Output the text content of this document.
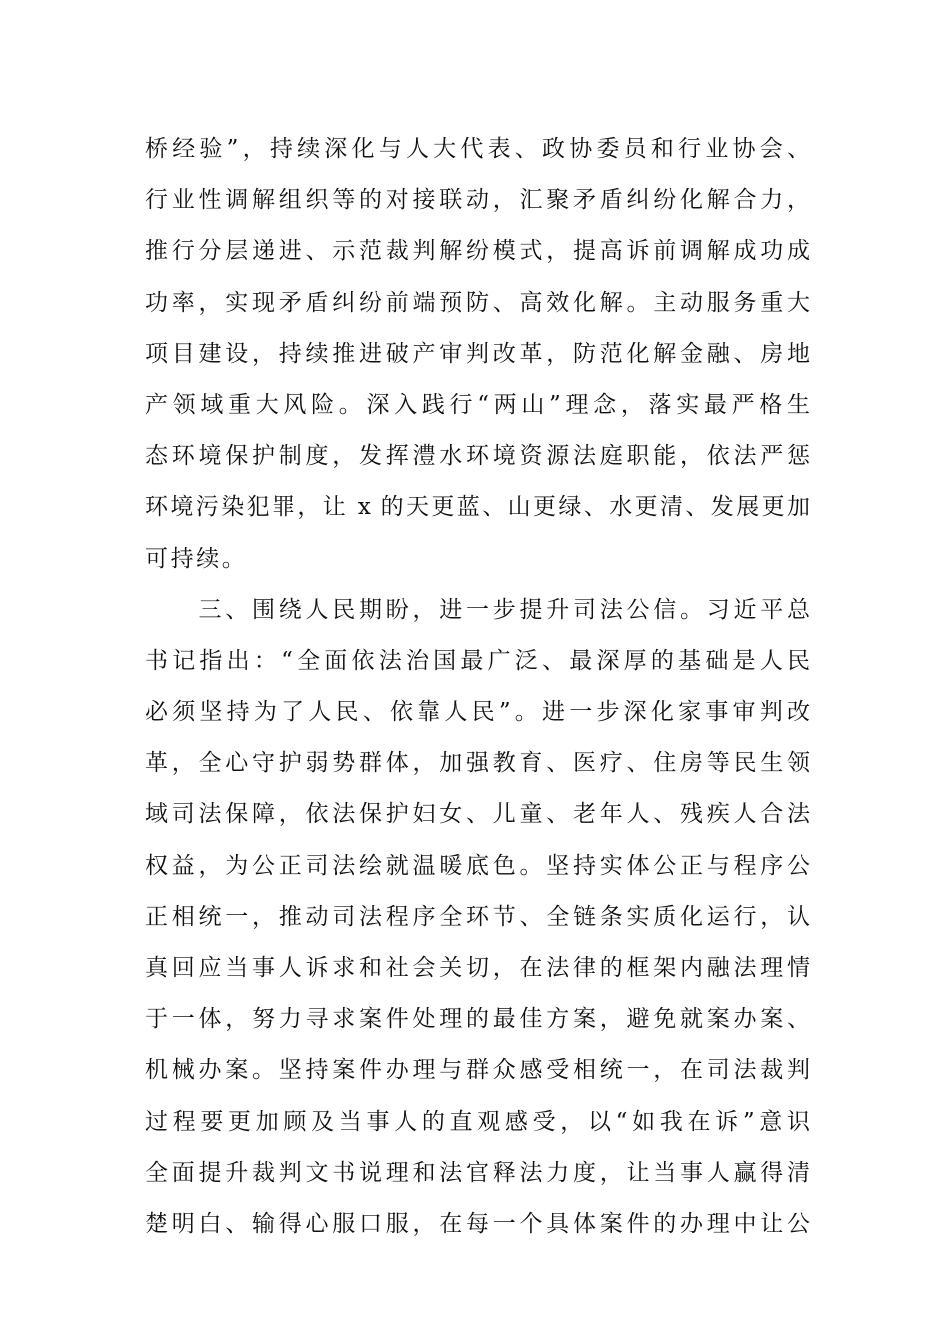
桥经验”，持续深化与人大代表、政协委员和行业协会、
行业性调解组织等的对接联动，汇聚矛盾纠纷化解合力，
推行分层递进、示范裁判解纷模式，提高诉前调解成功成
功率，实现矛盾纠纷前端预防、高效化解。主动服务重大
项目建设，持续推进破产审判改革，防范化解金融、房地
产领域重大风险。深入践行“两山”理念，落实最严格生
态环境保护制度，发挥澧水环境资源法庭职能，依法严惩
环境污染犯罪，让 x 的天更蓝、山更绿、水更清、发展更加
可持续。
　　三、围绕人民期盼，进一步提升司法公信。习近平总
书记指出：“全面依法治国最广泛、最深厚的基础是人民
必须坚持为了人民、依靠人民”。进一步深化家事审判改
革，全心守护弱势群体，加强教育、医疗、住房等民生领
域司法保障，依法保护妇女、儿童、老年人、残疾人合法
权益，为公正司法绘就温暖底色。坚持实体公正与程序公
正相统一，推动司法程序全环节、全链条实质化运行，认
真回应当事人诉求和社会关切，在法律的框架内融法理情
于一体，努力寻求案件处理的最佳方案，避免就案办案、
机械办案。坚持案件办理与群众感受相统一，在司法裁判
过程要更加顾及当事人的直观感受，以“如我在诉”意识
全面提升裁判文书说理和法官释法力度，让当事人赢得清
楚明白、输得心服口服，在每一个具体案件的办理中让公
